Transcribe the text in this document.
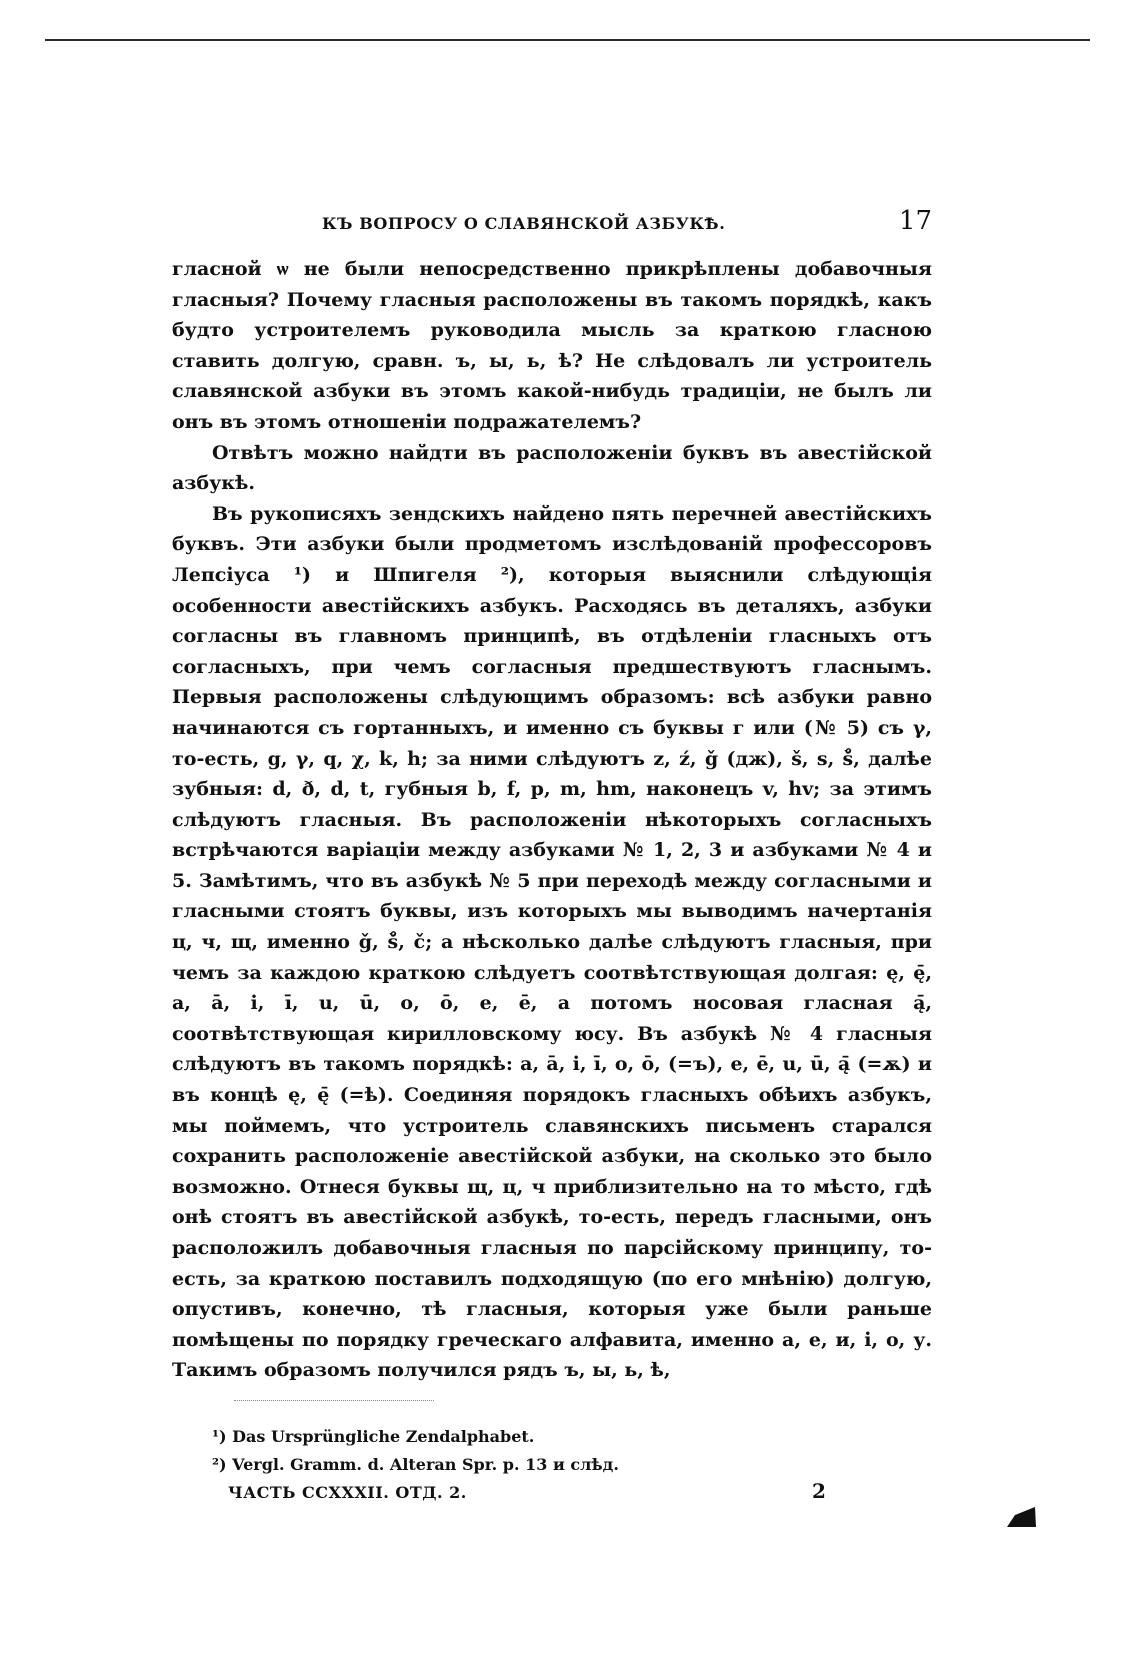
КЪ ВОПРОСУ О СЛАВЯНСКОЙ АЗБУКѢ.	17

гласной ѡ не были непосредственно прикрѣплены добавочныя гласныя? Почему гласныя расположены въ такомъ порядкѣ, какъ будто устроителемъ руководила мысль за краткою гласною ставить долгую, сравн. ъ, ы, ь, ѣ? Не слѣдовалъ ли устроитель славянской азбуки въ этомъ какой-нибудь традиціи, не былъ ли онъ въ этомъ отношеніи подражателемъ?

Отвѣтъ можно найдти въ расположеніи буквъ въ авестійской азбукѣ.

Въ рукописяхъ зендскихъ найдено пять перечней авестійскихъ буквъ. Эти азбуки были продметомъ изслѣдованій профессоровъ Лепсіуса ¹) и Шпигеля ²), которыя выяснили слѣдующія особенности авестійскихъ азбукъ. Расходясь въ деталяхъ, азбуки согласны въ главномъ принципѣ, въ отдѣленіи гласныхъ отъ согласныхъ, при чемъ согласныя предшествуютъ гласнымъ. Первыя расположены слѣдующимъ образомъ: всѣ азбуки равно начинаются съ гортанныхъ, и именно съ буквы г или (№ 5) съ γ, то-есть, g, γ, q, χ, k, h; за ними слѣдуютъ z, ź, ǧ (дж), š, s, š̊, далѣе зубныя: d, ð, d, t, губныя b, f, p, m, hm, наконецъ v, hv; за этимъ слѣдуютъ гласныя. Въ расположеніи нѣкоторыхъ согласныхъ встрѣчаются варіаціи между азбуками № 1, 2, 3 и азбуками № 4 и 5. Замѣтимъ, что въ азбукѣ № 5 при переходѣ между согласными и гласными стоятъ буквы, изъ которыхъ мы выводимъ начертанія ц, ч, щ, именно ǧ, š̊, č; а нѣсколько далѣе слѣдуютъ гласныя, при чемъ за каждою краткою слѣдуетъ соотвѣтствующая долгая: ę, ę̄, a, ā, i, ī, u, ū, o, ō, e, ē, а потомъ носовая гласная ą̄, соотвѣтствующая кирилловскому юсу. Въ азбукѣ № 4 гласныя слѣдуютъ въ такомъ порядкѣ: a, ā, i, ī, o, ō, (=ъ), e, ē, u, ū, ą̄ (=ѫ) и въ концѣ ę, ę̄ (=ѣ). Соединяя порядокъ гласныхъ обѣихъ азбукъ, мы поймемъ, что устроитель славянскихъ письменъ старался сохранить расположеніе авестійской азбуки, на сколько это было возможно. Отнеся буквы щ, ц, ч приблизительно на то мѣсто, гдѣ онѣ стоятъ въ авестійской азбукѣ, то-есть, передъ гласными, онъ расположилъ добавочныя гласныя по парсійскому принципу, то-есть, за краткою поставилъ подходящую (по его мнѣнію) долгую, опустивъ, конечно, тѣ гласныя, которыя уже были раньше помѣщены по порядку греческаго алфавита, именно а, е, и, і, о, у. Такимъ образомъ получился рядъ ъ, ы, ь, ѣ,

¹) Das Ursprüngliche Zendalphabet.

²) Vergl. Gramm. d. Altеran Spr. p. 13 и слѣд.

ЧАСТЬ СCXXXII. ОТД. 2.	2
